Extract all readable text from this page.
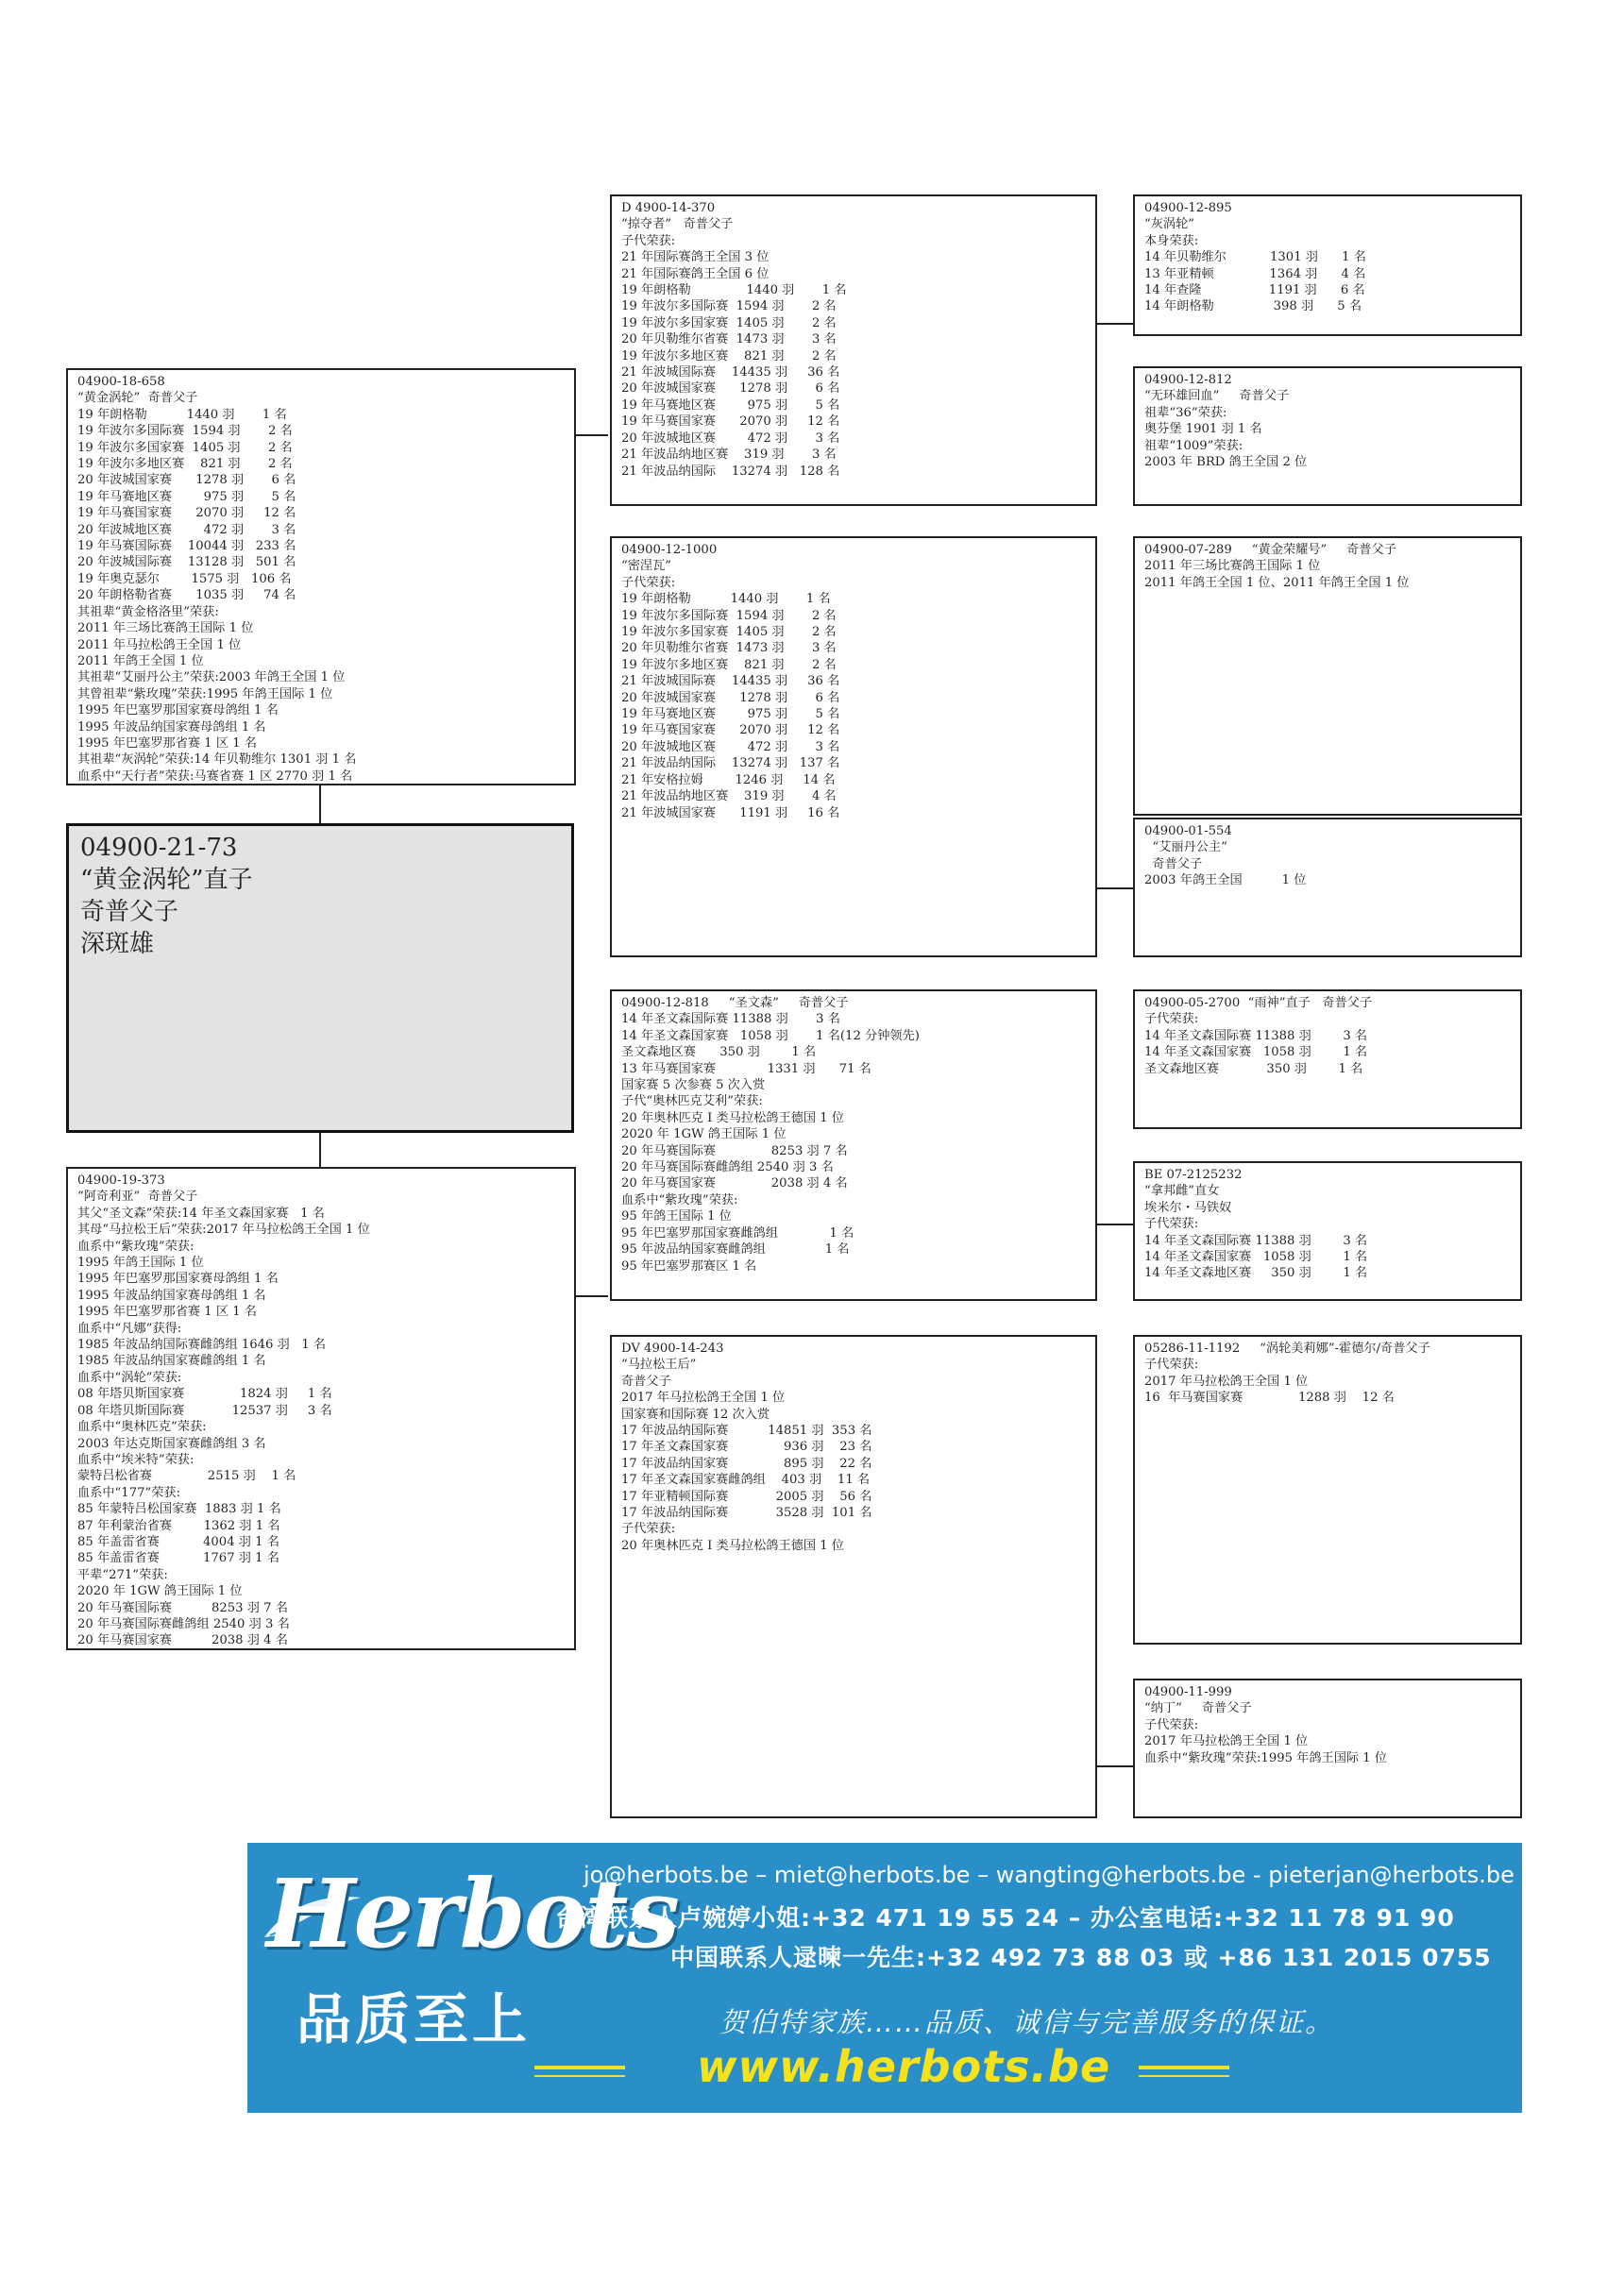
04900-21-73
“黄金涡轮”直子
奇普父子
深斑雄
04900-18-658
“黄金涡轮”  奇普父子
19 年朗格勒          1440 羽       1 名
19 年波尔多国际赛  1594 羽       2 名
19 年波尔多国家赛  1405 羽       2 名
19 年波尔多地区赛    821 羽       2 名
20 年波城国家赛      1278 羽       6 名
19 年马赛地区赛        975 羽       5 名
19 年马赛国家赛      2070 羽     12 名
20 年波城地区赛        472 羽       3 名
19 年马赛国际赛    10044 羽   233 名
20 年波城国际赛    13128 羽   501 名
19 年奥克瑟尔        1575 羽   106 名
20 年朗格勒省赛      1035 羽     74 名
其祖辈“黄金格洛里”荣获:
2011 年三场比赛鸽王国际 1 位
2011 年马拉松鸽王全国 1 位
2011 年鸽王全国 1 位
其祖辈“艾丽丹公主”荣获:2003 年鸽王全国 1 位
其曾祖辈“紫玫瑰”荣获:1995 年鸽王国际 1 位
1995 年巴塞罗那国家赛母鸽组 1 名
1995 年波品纳国家赛母鸽组 1 名
1995 年巴塞罗那省赛 1 区 1 名
其祖辈“灰涡轮”荣获:14 年贝勒维尔 1301 羽 1 名
血系中“天行者”荣获:马赛省赛 1 区 2770 羽 1 名
04900-19-373
“阿奇利亚”  奇普父子
其父“圣文森”荣获:14 年圣文森国家赛   1 名
其母“马拉松王后”荣获:2017 年马拉松鸽王全国 1 位
血系中“紫玫瑰”荣获:
1995 年鸽王国际 1 位
1995 年巴塞罗那国家赛母鸽组 1 名
1995 年波品纳国家赛母鸽组 1 名
1995 年巴塞罗那省赛 1 区 1 名
血系中“凡娜”获得:
1985 年波品纳国际赛雌鸽组 1646 羽   1 名
1985 年波品纳国家赛雌鸽组 1 名
血系中“涡轮”荣获:
08 年塔贝斯国家赛              1824 羽     1 名
08 年塔贝斯国际赛            12537 羽     3 名
血系中“奥林匹克”荣获:
2003 年达克斯国家赛雌鸽组 3 名
血系中“埃米特”荣获:
蒙特吕松省赛              2515 羽    1 名
血系中“177”荣获:
85 年蒙特吕松国家赛  1883 羽 1 名
87 年利蒙治省赛        1362 羽 1 名
85 年盖雷省赛           4004 羽 1 名
85 年盖雷省赛           1767 羽 1 名
平辈“271”荣获:
2020 年 1GW 鸽王国际 1 位
20 年马赛国际赛          8253 羽 7 名
20 年马赛国际赛雌鸽组 2540 羽 3 名
20 年马赛国家赛          2038 羽 4 名
D 4900-14-370
“掠夺者”   奇普父子
子代荣获:
21 年国际赛鸽王全国 3 位
21 年国际赛鸽王全国 6 位
19 年朗格勒              1440 羽       1 名
19 年波尔多国际赛  1594 羽       2 名
19 年波尔多国家赛  1405 羽       2 名
20 年贝勒维尔省赛  1473 羽       3 名
19 年波尔多地区赛    821 羽       2 名
21 年波城国际赛    14435 羽     36 名
20 年波城国家赛      1278 羽       6 名
19 年马赛地区赛        975 羽       5 名
19 年马赛国家赛      2070 羽     12 名
20 年波城地区赛        472 羽       3 名
21 年波品纳地区赛    319 羽       3 名
21 年波品纳国际    13274 羽   128 名
04900-12-1000
“密涅瓦”
子代荣获:
19 年朗格勒          1440 羽       1 名
19 年波尔多国际赛  1594 羽       2 名
19 年波尔多国家赛  1405 羽       2 名
20 年贝勒维尔省赛  1473 羽       3 名
19 年波尔多地区赛    821 羽       2 名
21 年波城国际赛    14435 羽     36 名
20 年波城国家赛      1278 羽       6 名
19 年马赛地区赛        975 羽       5 名
19 年马赛国家赛      2070 羽     12 名
20 年波城地区赛        472 羽       3 名
21 年波品纳国际    13274 羽   137 名
21 年安格拉姆        1246 羽     14 名
21 年波品纳地区赛    319 羽       4 名
21 年波城国家赛      1191 羽     16 名
04900-12-818     “圣文森”     奇普父子
14 年圣文森国际赛 11388 羽       3 名
14 年圣文森国家赛   1058 羽       1 名(12 分钟领先)
圣文森地区赛      350 羽        1 名
13 年马赛国家赛             1331 羽      71 名
国家赛 5 次参赛 5 次入赏
子代“奥林匹克艾利”荣获:
20 年奥林匹克 I 类马拉松鸽王德国 1 位
2020 年 1GW 鸽王国际 1 位
20 年马赛国际赛              8253 羽 7 名
20 年马赛国际赛雌鸽组 2540 羽 3 名
20 年马赛国家赛              2038 羽 4 名
血系中“紫玫瑰”荣获:
95 年鸽王国际 1 位
95 年巴塞罗那国家赛雌鸽组             1 名
95 年波品纳国家赛雌鸽组               1 名
95 年巴塞罗那赛区 1 名
DV 4900-14-243
“马拉松王后”
奇普父子
2017 年马拉松鸽王全国 1 位
国家赛和国际赛 12 次入赏
17 年波品纳国际赛          14851 羽  353 名
17 年圣文森国家赛              936 羽    23 名
17 年波品纳国家赛              895 羽    22 名
17 年圣文森国家赛雌鸽组    403 羽    11 名
17 年亚精顿国际赛            2005 羽    56 名
17 年波品纳国际赛            3528 羽  101 名
子代荣获:
20 年奥林匹克 I 类马拉松鸽王德国 1 位
04900-12-895
“灰涡轮”
本身荣获:
14 年贝勒维尔           1301 羽      1 名
13 年亚精顿              1364 羽      4 名
14 年查隆                 1191 羽      6 名
14 年朗格勒               398 羽      5 名
04900-12-812
“无环雄回血”     奇普父子
祖辈“36”荣获:
奥芬堡 1901 羽 1 名
祖辈“1009”荣获:
2003 年 BRD 鸽王全国 2 位
04900-07-289     “黄金荣耀号”     奇普父子
2011 年三场比赛鸽王国际 1 位
2011 年鸽王全国 1 位、2011 年鸽王全国 1 位
04900-01-554
“艾丽丹公主”
奇普父子
2003 年鸽王全国          1 位
04900-05-2700  “雨神”直子   奇普父子
子代荣获:
14 年圣文森国际赛 11388 羽        3 名
14 年圣文森国家赛   1058 羽        1 名
圣文森地区赛            350 羽        1 名
BE 07-2125232
“拿邦雌”直女
埃米尔・马铁奴
子代荣获:
14 年圣文森国际赛 11388 羽        3 名
14 年圣文森国家赛   1058 羽        1 名
14 年圣文森地区赛     350 羽        1 名
05286-11-1192     “涡轮美莉娜”-霍德尔/奇普父子
子代荣获:
2017 年马拉松鸽王全国 1 位
16  年马赛国家赛              1288 羽    12 名
04900-11-999
“纳丁”     奇普父子
子代荣获:
2017 年马拉松鸽王全国 1 位
血系中“紫玫瑰”荣获:1995 年鸽王国际 1 位
Herbots
品质至上
jo@herbots.be – miet@herbots.be – wangting@herbots.be - pieterjan@herbots.be
台湾联系人卢婉婷小姐:+32 471 19 55 24 – 办公室电话:+32 11 78 91 90
中国联系人逯暕一先生:+32 492 73 88 03 或 +86 131 2015 0755
贺伯特家族……品质、诚信与完善服务的保证。
www.herbots.be
